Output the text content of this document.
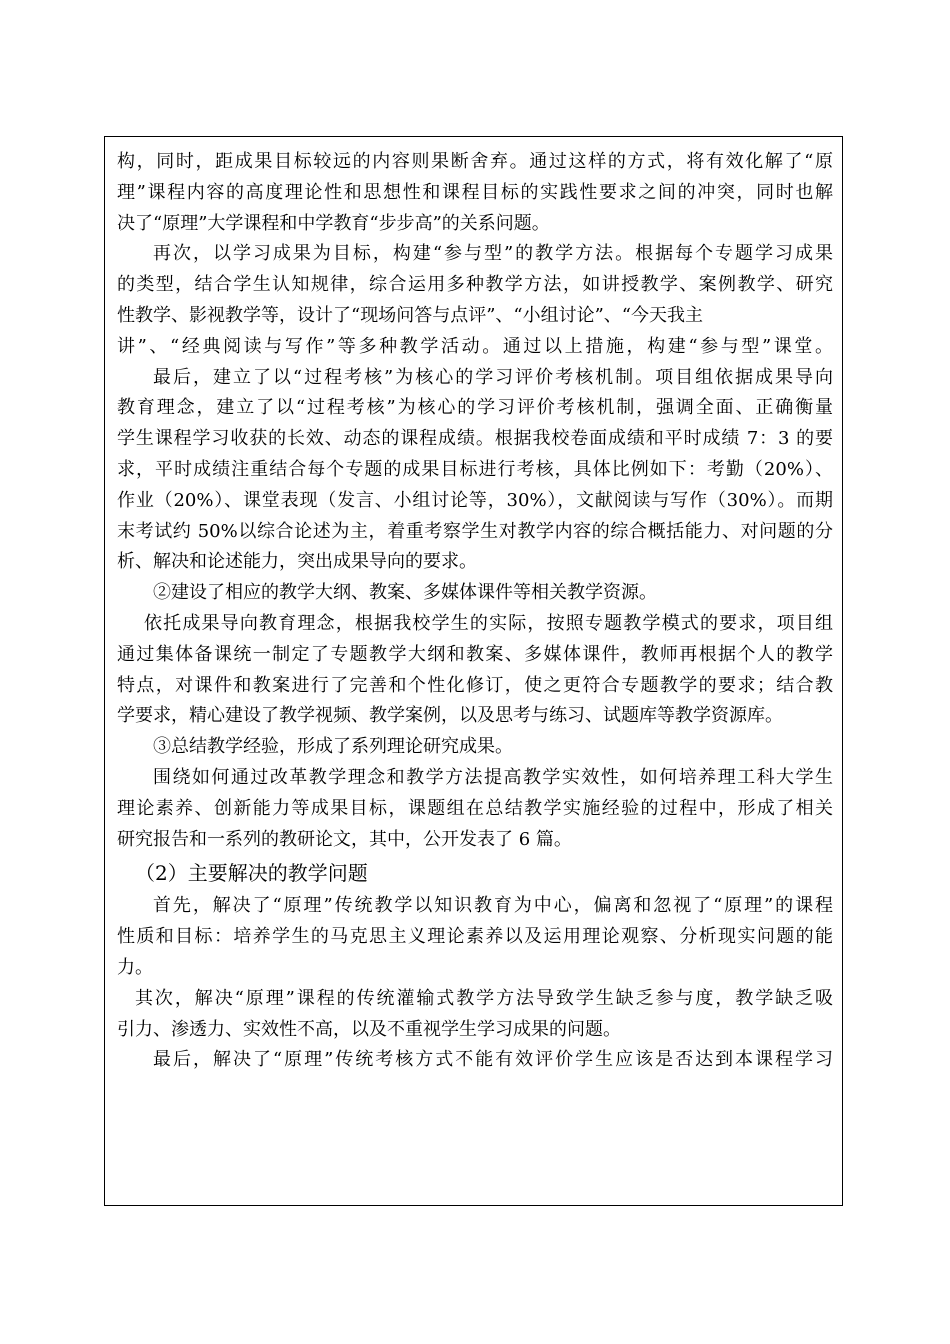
构，同时，距成果目标较远的内容则果断舍弃。通过这样的方式，将有效化解了“原
理”课程内容的高度理论性和思想性和课程目标的实践性要求之间的冲突，同时也解
决了“原理”大学课程和中学教育“步步高”的关系问题。
再次，以学习成果为目标，构建“参与型”的教学方法。根据每个专题学习成果
的类型，结合学生认知规律，综合运用多种教学方法，如讲授教学、案例教学、研究
性教学、影视教学等，设计了“现场问答与点评”、“小组讨论”、“今天我主
讲”、“经典阅读与写作”等多种教学活动。通过以上措施，构建“参与型”课堂。
最后，建立了以“过程考核”为核心的学习评价考核机制。项目组依据成果导向
教育理念，建立了以“过程考核”为核心的学习评价考核机制，强调全面、正确衡量
学生课程学习收获的长效、动态的课程成绩。根据我校卷面成绩和平时成绩 7：3 的要
求，平时成绩注重结合每个专题的成果目标进行考核，具体比例如下：考勤（20%）、
作业（20%）、课堂表现（发言、小组讨论等，30%），文献阅读与写作（30%）。而期
末考试约 50%以综合论述为主，着重考察学生对教学内容的综合概括能力、对问题的分
析、解决和论述能力，突出成果导向的要求。
②建设了相应的教学大纲、教案、多媒体课件等相关教学资源。
依托成果导向教育理念，根据我校学生的实际，按照专题教学模式的要求，项目组
通过集体备课统一制定了专题教学大纲和教案、多媒体课件，教师再根据个人的教学
特点，对课件和教案进行了完善和个性化修订，使之更符合专题教学的要求；结合教
学要求，精心建设了教学视频、教学案例，以及思考与练习、试题库等教学资源库。
③总结教学经验，形成了系列理论研究成果。
围绕如何通过改革教学理念和教学方法提高教学实效性，如何培养理工科大学生
理论素养、创新能力等成果目标，课题组在总结教学实施经验的过程中，形成了相关
研究报告和一系列的教研论文，其中，公开发表了 6 篇。
（2）主要解决的教学问题
首先，解决了“原理”传统教学以知识教育为中心，偏离和忽视了“原理”的课程
性质和目标：培养学生的马克思主义理论素养以及运用理论观察、分析现实问题的能
力。
其次，解决“原理”课程的传统灌输式教学方法导致学生缺乏参与度，教学缺乏吸
引力、渗透力、实效性不高，以及不重视学生学习成果的问题。
最后，解决了“原理”传统考核方式不能有效评价学生应该是否达到本课程学习
